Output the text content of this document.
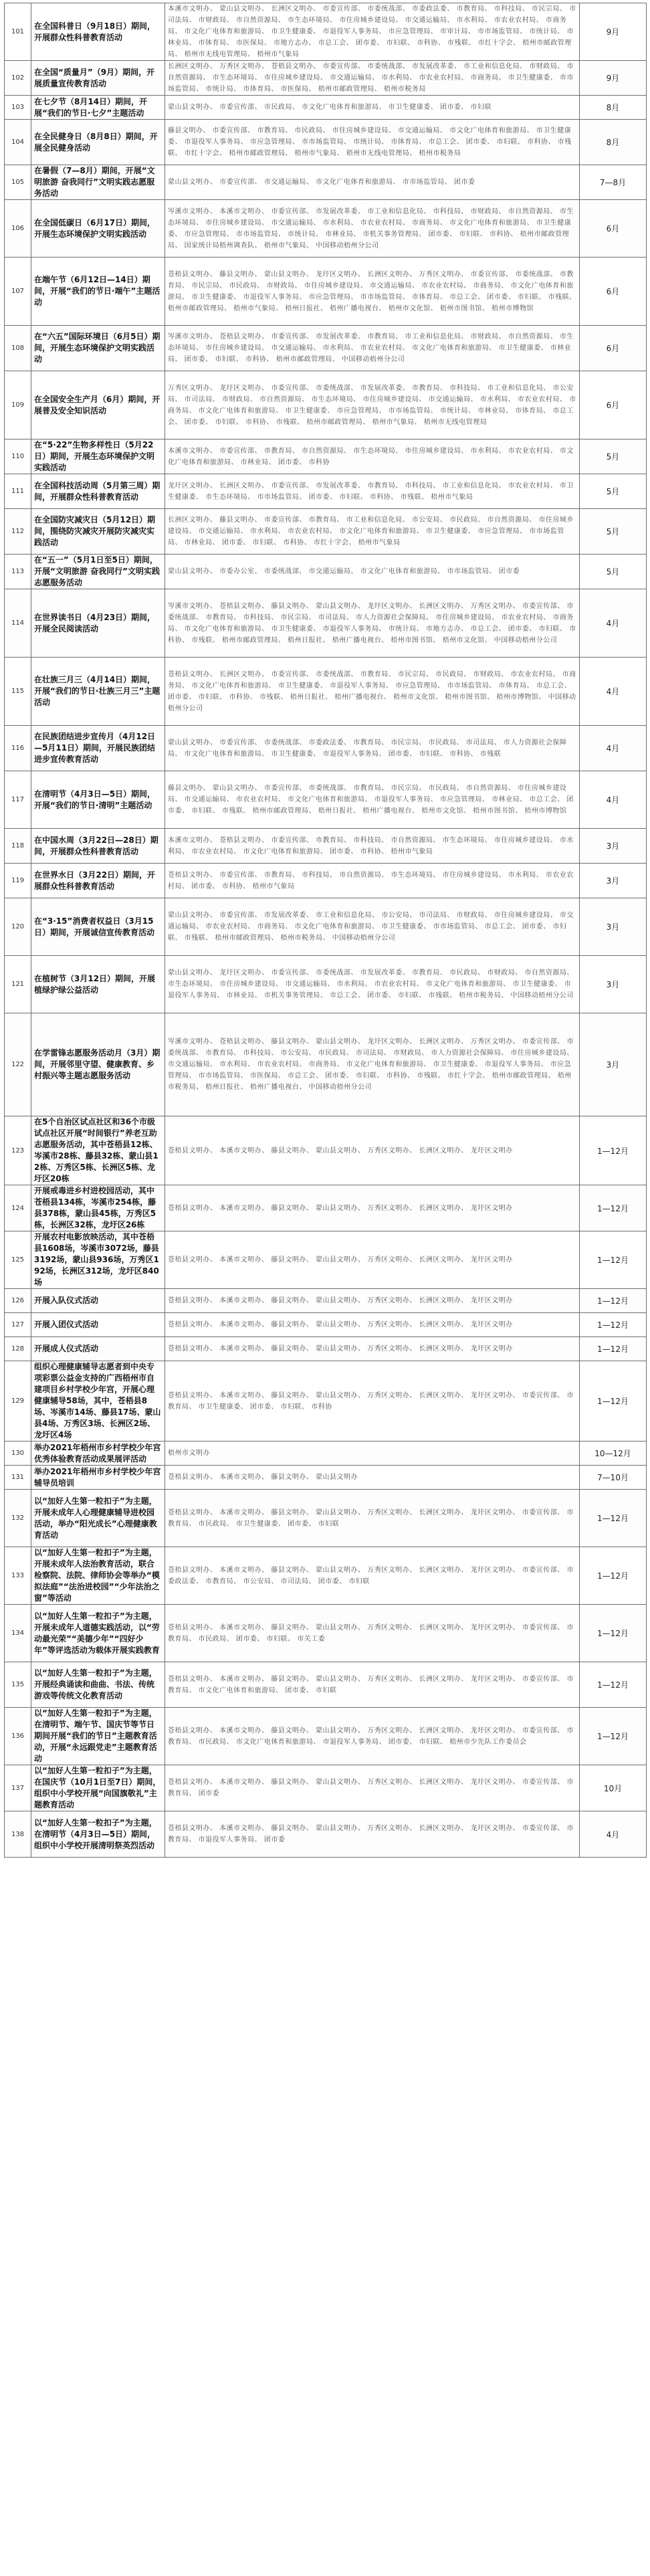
101	在全国科普日（9月18日）期间，开展群众性科普教育活动	本溪市文明办、 蒙山县文明办、 长洲区文明办、 市委宣传部、 市委统战部、 市委政法委、 市教育局、 市科技局、 市民宗局、 市司法局、 市财政局、 市自然资源局、 市生态环境局、 市住房城乡建设局、 市交通运输局、 市水利局、 市农业农村局、 市商务局、 市文化广电体育和旅游局、 市卫生健康委、 市退役军人事务局、 市应急管理局、 市审计局、 市市场监管局、 市统计局、 市林业局、 市体育局、 市医保局、 市地方志办、 市总工会、 团市委、 市妇联、 市科协、 市残联、 市红十字会、 梧州市邮政管理局、 梧州市无线电管理局、 梧州市气象局	9月
102	在全国“质量月”（9月）期间，开展质量宣传教育活动	长洲区文明办、 万秀区文明办、 苍梧县文明办、 市委宣传部、 市委统战部、 市发展改革委、 市工业和信息化局、 市财政局、 市自然资源局、 市生态环境局、 市住房城乡建设局、 市交通运输局、 市水利局、 市农业农村局、 市商务局、 市卫生健康委、 市市场监管局、 市统计局、 市体育局、 市医保局、 梧州市邮政管理局、 梧州市税务局	9月
103	在七夕节（8月14日）期间，开展“我们的节日·七夕”主题活动	蒙山县文明办、 市委宣传部、 市民政局、 市文化广电体育和旅游局、 市卫生健康委、 团市委、 市妇联	8月
104	在全民健身日（8月8日）期间，开展全民健身活动	藤县文明办、 市委宣传部、 市教育局、 市民政局、 市住房城乡建设局、 市交通运输局、 市文化广电体育和旅游局、 市卫生健康委、 市退役军人事务局、 市应急管理局、 市市场监管局、 市统计局、 市体育局、 市总工会、 团市委、 市妇联、 市科协、 市残联、 市红十字会、 梧州市邮政管理局、 梧州市气象局、 梧州市无线电管理局、 梧州市税务局	8月
105	在暑假（7—8月）期间，开展“文明旅游 奋我同行”文明实践志愿服务活动	蒙山县文明办、 市委宣传部、 市交通运输局、 市文化广电体育和旅游局、 市市场监管局、 团市委	7—8月
106	在全国低碳日（6月17日）期间，开展生态环境保护文明实践活动	岑溪市文明办、 本溪市文明办、 市委宣传部、 市发展改革委、 市工业和信息化局、 市科技局、 市财政局、 市自然资源局、 市生态环境局、 市住房城乡建设局、 市交通运输局、 市水利局、 市农业农村局、 市商务局、 市文化广电体育和旅游局、 市卫生健康委、 市应急管理局、 市市场监管局、 市统计局、 市林业局、 市机关事务管理局、 团市委、 市妇联、 市科协、 梧州市邮政管理局、 国家统计局梧州调查队、 梧州市气象局、 中国移动梧州分公司	6月
107	在端午节（6月12日—14日）期间，开展“我们的节日·端午”主题活动	苍梧县文明办、 藤县文明办、 蒙山县文明办、 龙圩区文明办、 长洲区文明办、 万秀区文明办、 市委宣传部、 市委统战部、 市教育局、 市民宗局、 市民政局、 市财政局、 市住房城乡建设局、 市交通运输局、 市农业农村局、 市商务局、 市文化广电体育和旅游局、 市卫生健康委、 市退役军人事务局、 市应急管理局、 市市场监管局、 市体育局、 市总工会、 团市委、 市妇联、 市残联、 梧州市邮政管理局、 梧州市气象局、 梧州日报社、 梧州广播电视台、 梧州市文化馆、 梧州市图书馆、 梧州市博物馆	6月
108	在“六五”国际环境日（6月5日）期间，开展生态环境保护文明实践活动	岑溪市文明办、 苍梧县文明办、 市委宣传部、 市发展改革委、 市教育局、 市工业和信息化局、 市财政局、 市自然资源局、 市生态环境局、 市住房城乡建设局、 市交通运输局、 市水利局、 市农业农村局、 市文化广电体育和旅游局、 市卫生健康委、 市林业局、 团市委、 市妇联、 市科协、 梧州市邮政管理局、 中国移动梧州分公司	6月
109	在全国安全生产月（6月）期间，开展普及安全知识活动	万秀区文明办、 龙圩区文明办、 市委宣传部、 市委统战部、 市发展改革委、 市教育局、 市科技局、 市工业和信息化局、 市公安局、 市司法局、 市财政局、 市自然资源局、 市生态环境局、 市住房城乡建设局、 市交通运输局、 市水利局、 市农业农村局、 市商务局、 市文化广电体育和旅游局、 市卫生健康委、 市应急管理局、 市市场监管局、 市统计局、 市林业局、 市体育局、 市总工会、 团市委、 市妇联、 市科协、 市残联、 梧州市邮政管理局、 梧州市气象局、 梧州市无线电管理局	6月
110	在“5·22”生物多样性日（5月22日）期间，开展生态环境保护文明实践活动	本溪市文明办、 市委宣传部、 市教育局、 市自然资源局、 市生态环境局、 市住房城乡建设局、 市水利局、 市农业农村局、 市文化广电体育和旅游局、 市林业局、 团市委、 市科协	5月
111	在全国科技活动周（5月第三周）期间，开展群众性科普教育活动	龙圩区文明办、 长洲区文明办、 市委宣传部、 市发展改革委、 市教育局、 市科技局、 市工业和信息化局、 市农业农村局、 市卫生健康委、 市生态环境局、 市市场监管局、 团市委、 市妇联、 市科协、 市残联、 梧州市气象局	5月
112	在全国防灾减灾日（5月12日）期间，围绕防灾减灾开展防灾减灾实践活动	长洲区文明办、 藤县文明办、 市委宣传部、 市教育局、 市工业和信息化局、 市公安局、 市民政局、 市自然资源局、 市住房城乡建设局、 市交通运输局、 市水利局、 市农业农村局、 市文化广电体育和旅游局、 市卫生健康委、 市应急管理局、 市市场监管局、 市林业局、 团市委、 市妇联、 市科协、 市红十字会、 梧州市气象局	5月
113	在“五一”（5月1日至5日）期间，开展“文明旅游 奋我同行”文明实践志愿服务活动	蒙山县文明办、 市委办公室、 市委统战部、 市交通运输局、 市文化广电体育和旅游局、 市市场监管局、 团市委	5月
114	在世界读书日（4月23日）期间，开展全民阅读活动	岑溪市文明办、 苍梧县文明办、 藤县文明办、 蒙山县文明办、 龙圩区文明办、 长洲区文明办、 万秀区文明办、 市委宣传部、 市委统战部、 市教育局、 市科技局、 市民宗局、 市司法局、 市人力资源社会保障局、 市住房城乡建设局、 市农业农村局、 市商务局、 市文化广电体育和旅游局、 市卫生健康委、 市退役军人事务局、 市统计局、 市地方志办、 市总工会、 团市委、 市妇联、 市科协、 市残联、 梧州市邮政管理局、 梧州日报社、 梧州广播电视台、 梧州市图书馆、 梧州市文化馆、 中国移动梧州分公司	4月
115	在壮族三月三（4月14日）期间，开展“我们的节日·壮族三月三”主题活动	苍梧县文明办、 长洲区文明办、 市委宣传部、 市委统战部、 市教育局、 市民宗局、 市民政局、 市财政局、 市农业农村局、 市商务局、 市文化广电体育和旅游局、 市卫生健康委、 市退役军人事务局、 市应急管理局、 市市场监管局、 市体育局、 市总工会、 团市委、 市妇联、 市科协、 市残联、 梧州日报社、 梧州广播电视台、 梧州市文化馆、 梧州市图书馆、 梧州市博物馆、 中国移动梧州分公司	4月
116	在民族团结进步宣传月（4月12日—5月11日）期间，开展民族团结进步宣传教育活动	蒙山县文明办、 市委宣传部、 市委统战部、 市委政法委、 市教育局、 市民宗局、 市民政局、 市司法局、 市人力资源社会保障局、 市文化广电体育和旅游局、 市卫生健康委、 市退役军人事务局、 团市委、 市妇联、 市科协、 市残联	4月
117	在清明节（4月3日—5日）期间，开展“我们的节日·清明”主题活动	藤县文明办、 蒙山县文明办、 市委宣传部、 市委统战部、 市教育局、 市民宗局、 市民政局、 市自然资源局、 市住房城乡建设局、 市交通运输局、 市农业农村局、 市文化广电体育和旅游局、 市退役军人事务局、 市应急管理局、 市林业局、 市总工会、 团市委、 市妇联、 市残联、 梧州市邮政管理局、 梧州日报社、 梧州广播电视台、 梧州市文化馆、 梧州市图书馆、 梧州市博物馆	4月
118	在中国水周（3月22日—28日）期间，开展群众性科普教育活动	本溪市文明办、 苍梧县文明办、 市委宣传部、 市教育局、 市科技局、 市自然资源局、 市生态环境局、 市住房城乡建设局、 市水利局、 市农业农村局、 市文化广电体育和旅游局、 团市委、 市科协、 梧州市气象局	3月
119	在世界水日（3月22日）期间，开展群众性科普教育活动	苍梧县文明办、 市委宣传部、 市教育局、 市科技局、 市自然资源局、 市生态环境局、 市住房城乡建设局、 市水利局、 市农业农村局、 团市委、 市科协、 梧州市气象局	3月
120	在“3·15”消费者权益日（3月15日）期间，开展诚信宣传教育活动	蒙山县文明办、 市委宣传部、 市发展改革委、 市工业和信息化局、 市公安局、 市司法局、 市财政局、 市住房城乡建设局、 市交通运输局、 市农业农村局、 市商务局、 市文化广电体育和旅游局、 市卫生健康委、 市市场监管局、 市总工会、 团市委、 市妇联、 市残联、 梧州市邮政管理局、 梧州市税务局、 中国移动梧州分公司	3月
121	在植树节（3月12日）期间，开展植绿护绿公益活动	蒙山县文明办、 龙圩区文明办、 市委宣传部、 市委统战部、 市发展改革委、 市教育局、 市民政局、 市财政局、 市自然资源局、 市生态环境局、 市住房城乡建设局、 市交通运输局、 市水利局、 市农业农村局、 市文化广电体育和旅游局、 市卫生健康委、 市退役军人事务局、 市林业局、 市机关事务管理局、 市总工会、 团市委、 市妇联、 市残联、 梧州市税务局、 中国移动梧州分公司	3月
122	在学雷锋志愿服务活动月（3月）期间，开展邻里守望、健康教育、乡村振兴等主题志愿服务活动	岑溪市文明办、 苍梧县文明办、 藤县文明办、 蒙山县文明办、 龙圩区文明办、 长洲区文明办、 万秀区文明办、 市委宣传部、 市委统战部、 市教育局、 市科技局、 市公安局、 市民政局、 市司法局、 市财政局、 市人力资源社会保障局、 市住房城乡建设局、 市交通运输局、 市水利局、 市农业农村局、 市商务局、 市文化广电体育和旅游局、 市卫生健康委、 市退役军人事务局、 市应急管理局、 市市场监管局、 市医保局、 市总工会、 团市委、 市妇联、 市科协、 市残联、 市红十字会、 梧州市邮政管理局、 梧州市税务局、 梧州日报社、 梧州广播电视台、 中国移动梧州分公司	3月
123	在5个自治区试点社区和36个市级试点社区开展“时间银行”养老互助志愿服务活动，其中苍梧县12栋、岑溪市28栋、藤县32栋、蒙山县12栋、万秀区5栋、长洲区5栋、龙圩区20栋	苍梧县文明办、 本溪市文明办、 藤县文明办、 蒙山县文明办、 万秀区文明办、 长洲区文明办、 龙圩区文明办	1—12月
124	开展戒毒进乡村进校园活动，其中苍梧县134栋，岑溪市254栋，藤县378栋，蒙山县45栋，万秀区5栋，长洲区32栋，龙圩区26栋	苍梧县文明办、 本溪市文明办、 藤县文明办、 蒙山县文明办、 万秀区文明办、 长洲区文明办、 龙圩区文明办	1—12月
125	开展农村电影放映活动，其中苍梧县1608场，岑溪市3072场，藤县3192场，蒙山县936场，万秀区192场，长洲区312场，龙圩区840场	苍梧县文明办、 本溪市文明办、 藤县文明办、 蒙山县文明办、 万秀区文明办、 长洲区文明办、 龙圩区文明办	1—12月
126	开展入队仪式活动	苍梧县文明办、 本溪市文明办、 藤县文明办、 蒙山县文明办、 万秀区文明办、 长洲区文明办、 龙圩区文明办	1—12月
127	开展入团仪式活动	苍梧县文明办、 本溪市文明办、 藤县文明办、 蒙山县文明办、 万秀区文明办、 长洲区文明办、 龙圩区文明办	1—12月
128	开展成人仪式活动	苍梧县文明办、 本溪市文明办、 藤县文明办、 蒙山县文明办、 万秀区文明办、 长洲区文明办、 龙圩区文明办	1—12月
129	组织心理健康辅导志愿者到中央专项彩票公益金支持的广西梧州市自建项目乡村学校少年宫，开展心理健康辅导58场，其中，苍梧县8场、岑溪市14场、藤县17场、蒙山县4场、万秀区3场、长洲区2场、龙圩区4场	苍梧县文明办、 本溪市文明办、 藤县文明办、 蒙山县文明办、 万秀区文明办、 长洲区文明办、 龙圩区文明办、 市委宣传部、 市教育局、 市卫生健康委、 团市委、 市妇联、 市科协	1—12月
130	举办2021年梧州市乡村学校少年宫优秀体验教育活动成果展评活动	梧州市文明办	10—12月
131	举办2021年梧州市乡村学校少年宫辅导员培训	苍梧县文明办、 本溪市文明办、 藤县文明办、 蒙山县文明办	7—10月
132	以“加好人生第一粒扣子”为主题，开展未成年人心理健康辅导进校园活动，举办“阳光成长”心理健康教育活动	苍梧县文明办、 本溪市文明办、 藤县文明办、 蒙山县文明办、 万秀区文明办、 长洲区文明办、 龙圩区文明办、 市委宣传部、 市教育局、 市民政局、 市卫生健康委、 团市委、 市妇联	1—12月
133	以“加好人生第一粒扣子”为主题，开展未成年人法治教育活动，联合检察院、法院、律师协会等举办“模拟法庭”“法治进校园”“少年法治之窗”等活动	苍梧县文明办、 本溪市文明办、 藤县文明办、 蒙山县文明办、 万秀区文明办、 长洲区文明办、 龙圩区文明办、 市委宣传部、 市委政法委、 市教育局、 市公安局、 市司法局、 团市委、 市妇联	1—12月
134	以“加好人生第一粒扣子”为主题，开展未成年人道德实践活动，以“劳动最光荣”“美德少年”“四好少年”等评选活动为载体开展实践教育	苍梧县文明办、 本溪市文明办、 藤县文明办、 蒙山县文明办、 万秀区文明办、 长洲区文明办、 龙圩区文明办、 市委宣传部、 市教育局、 市民政局、 团市委、 市妇联、 市关工委	1—12月
135	以“加好人生第一粒扣子”为主题，开展经典诵读和曲曲、书法、传统游戏等传统文化教育活动	苍梧县文明办、 本溪市文明办、 藤县文明办、 蒙山县文明办、 万秀区文明办、 长洲区文明办、 龙圩区文明办、 市委宣传部、 市教育局、 市文化广电体育和旅游局、 团市委、 市妇联	1—12月
136	以“加好人生第一粒扣子”为主题，在清明节、端午节、国庆节等节日期间开展“我们的节日”主题教育活动，开展“永远跟党走”主题教育活动	苍梧县文明办、 本溪市文明办、 藤县文明办、 蒙山县文明办、 万秀区文明办、 长洲区文明办、 龙圩区文明办、 市委宣传部、 市教育局、 市民政局、 市文化广电体育和旅游局、 市退役军人事务局、 团市委、 市妇联、 梧州市少先队工作委员会	1—12月
137	以“加好人生第一粒扣子”为主题，在国庆节（10月1日至7日）期间，组织中小学校开展“向国旗敬礼”主题教育活动	苍梧县文明办、 本溪市文明办、 藤县文明办、 蒙山县文明办、 万秀区文明办、 长洲区文明办、 龙圩区文明办、 市委宣传部、 市教育局、 团市委	10月
138	以“加好人生第一粒扣子”为主题，在清明节（4月3日—5日）期间，组织中小学校开展清明祭英烈活动	苍梧县文明办、 本溪市文明办、 藤县文明办、 蒙山县文明办、 万秀区文明办、 长洲区文明办、 龙圩区文明办、 市委宣传部、 市教育局、 市退役军人事务局、 团市委	4月
